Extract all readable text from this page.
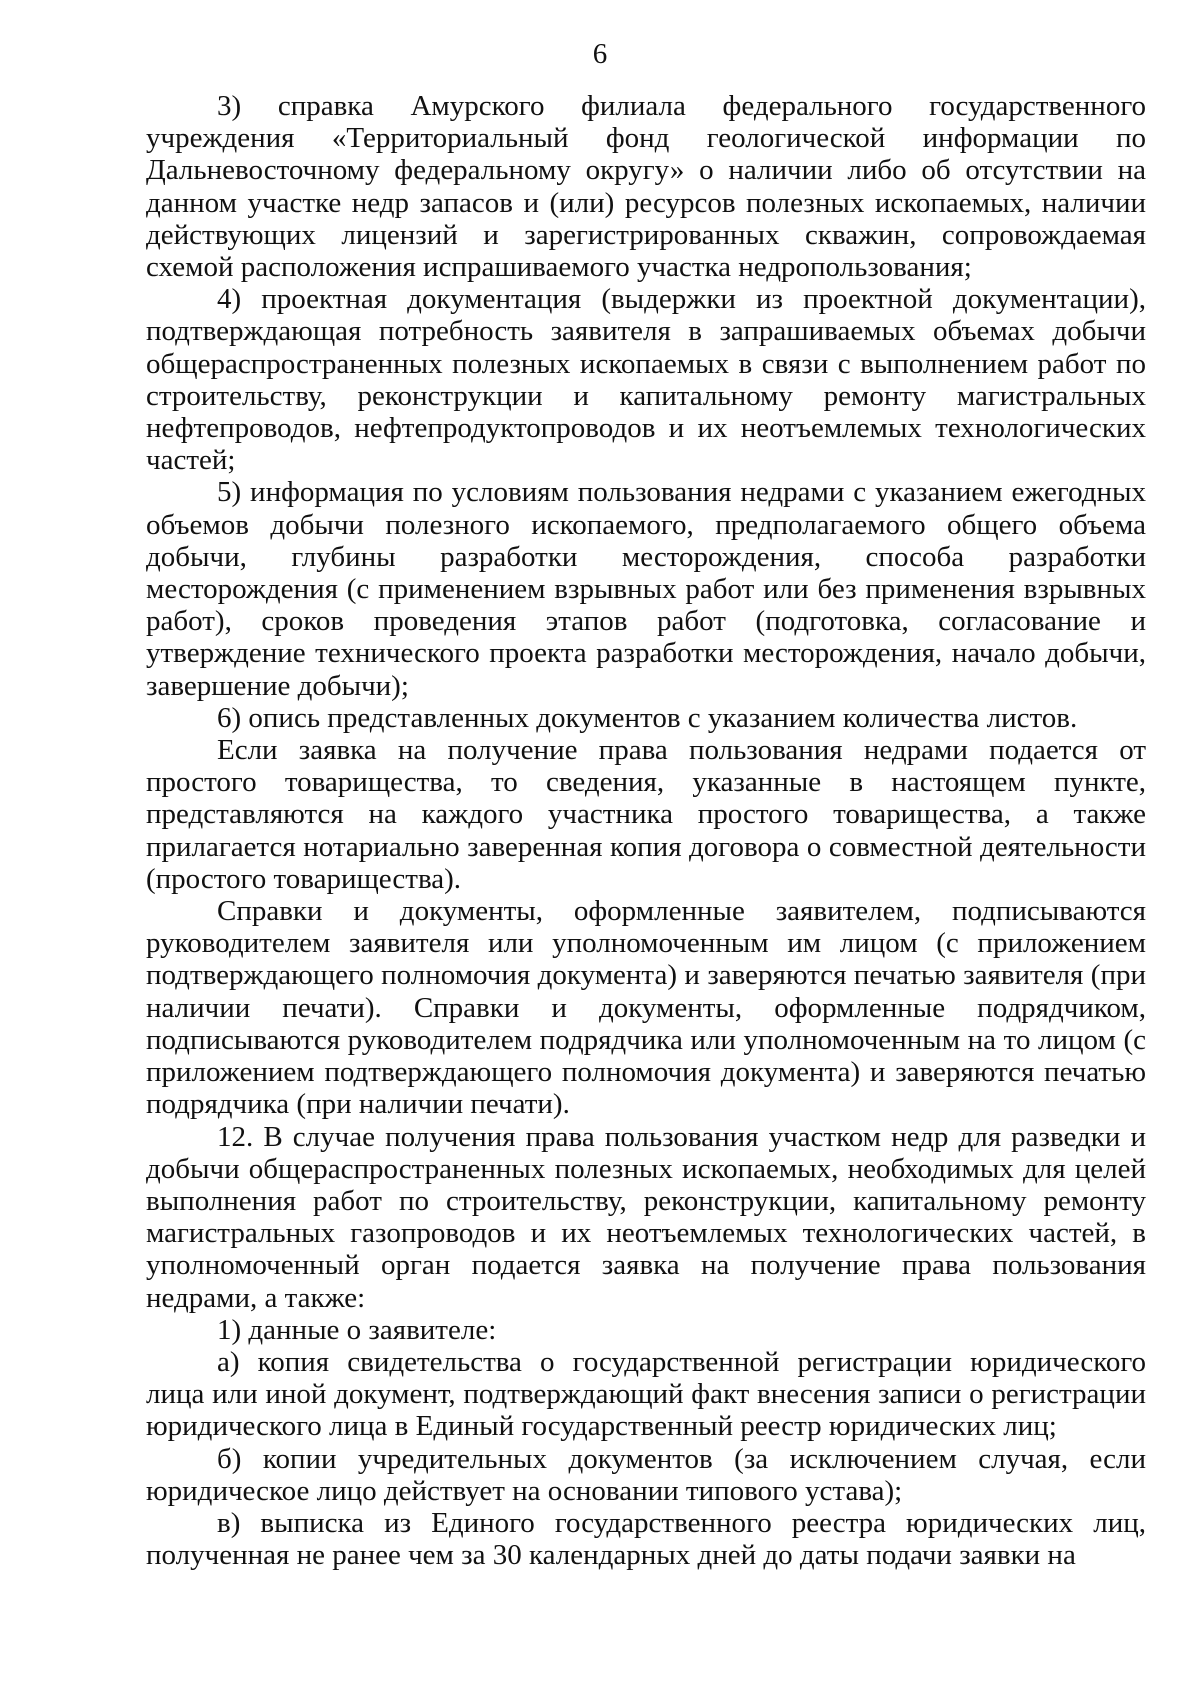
6

3) справка Амурского филиала федерального государственного учреждения «Территориальный фонд геологической информации по Дальневосточному федеральному округу» о наличии либо об отсутствии на данном участке недр запасов и (или) ресурсов полезных ископаемых, наличии действующих лицензий и зарегистрированных скважин, сопровождаемая схемой расположения испрашиваемого участка недропользования;

4) проектная документация (выдержки из проектной документации), подтверждающая потребность заявителя в запрашиваемых объемах добычи общераспространенных полезных ископаемых в связи с выполнением работ по строительству, реконструкции и капитальному ремонту магистральных нефтепроводов, нефтепродуктопроводов и их неотъемлемых технологических частей;

5) информация по условиям пользования недрами с указанием ежегодных объемов добычи полезного ископаемого, предполагаемого общего объема добычи, глубины разработки месторождения, способа разработки месторождения (с применением взрывных работ или без применения взрывных работ), сроков проведения этапов работ (подготовка, согласование и утверждение технического проекта разработки месторождения, начало добычи, завершение добычи);

6) опись представленных документов с указанием количества листов.

Если заявка на получение права пользования недрами подается от простого товарищества, то сведения, указанные в настоящем пункте, представляются на каждого участника простого товарищества, а также прилагается нотариально заверенная копия договора о совместной деятельности (простого товарищества).

Справки и документы, оформленные заявителем, подписываются руководителем заявителя или уполномоченным им лицом (с приложением подтверждающего полномочия документа) и заверяются печатью заявителя (при наличии печати). Справки и документы, оформленные подрядчиком, подписываются руководителем подрядчика или уполномоченным на то лицом (с приложением подтверждающего полномочия документа) и заверяются печатью подрядчика (при наличии печати).

12. В случае получения права пользования участком недр для разведки и добычи общераспространенных полезных ископаемых, необходимых для целей выполнения работ по строительству, реконструкции, капитальному ремонту магистральных газопроводов и их неотъемлемых технологических частей, в уполномоченный орган подается заявка на получение права пользования недрами, а также:

1) данные о заявителе:

а) копия свидетельства о государственной регистрации юридического лица или иной документ, подтверждающий факт внесения записи о регистрации юридического лица в Единый государственный реестр юридических лиц;

б) копии учредительных документов (за исключением случая, если юридическое лицо действует на основании типового устава);

в) выписка из Единого государственного реестра юридических лиц, полученная не ранее чем за 30 календарных дней до даты подачи заявки на
